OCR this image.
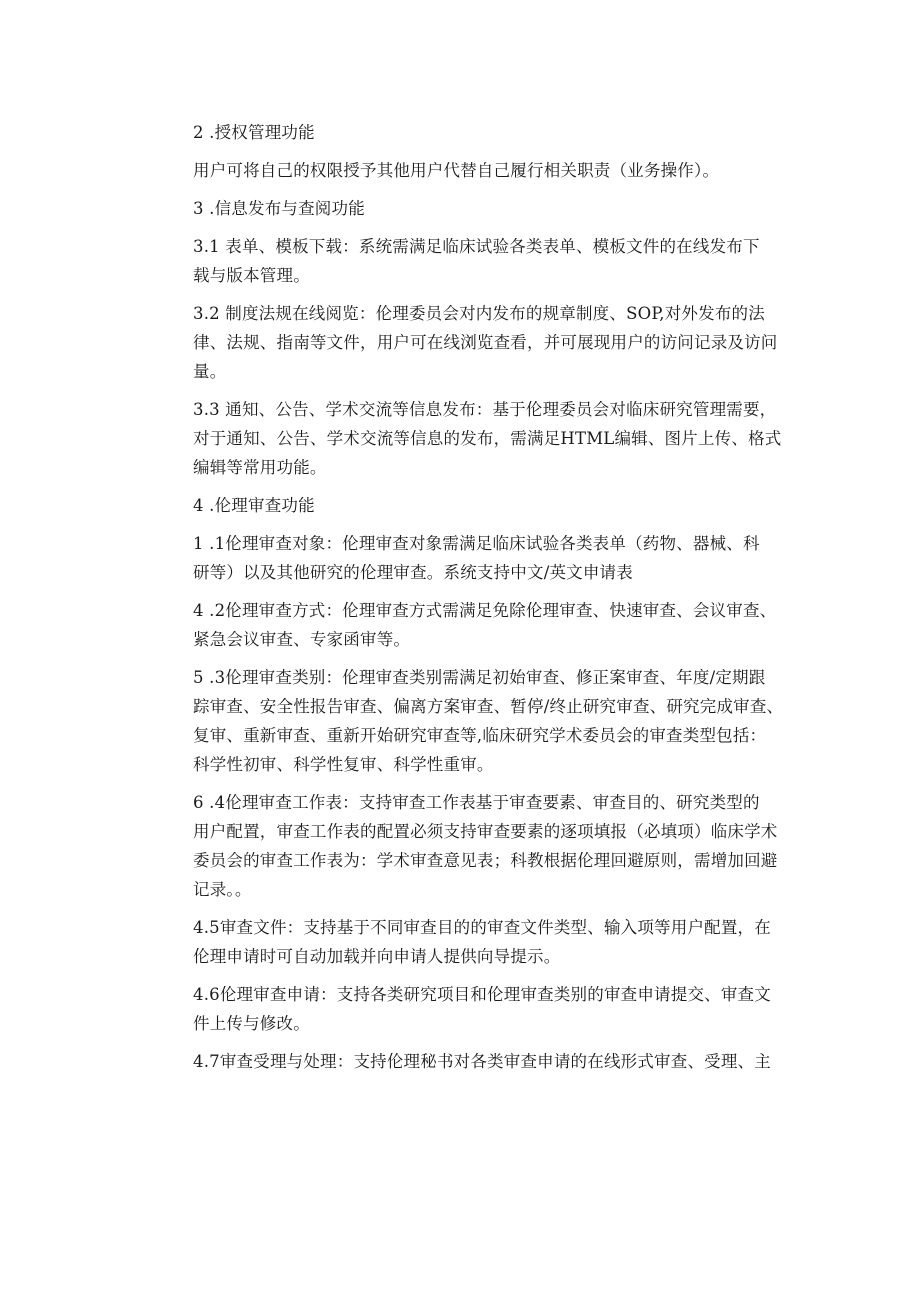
2 .授权管理功能

用户可将自己的权限授予其他用户代替自己履行相关职责（业务操作）。

3 .信息发布与查阅功能

3.1 表单、模板下载：系统需满足临床试验各类表单、模板文件的在线发布下

载与版本管理。

3.2 制度法规在线阅览：伦理委员会对内发布的规章制度、SOP,对外发布的法

律、法规、指南等文件，用户可在线浏览查看，并可展现用户的访问记录及访问

量。

3.3 通知、公告、学术交流等信息发布：基于伦理委员会对临床研究管理需要，

对于通知、公告、学术交流等信息的发布，需满足HTML编辑、图片上传、格式

编辑等常用功能。

4 .伦理审查功能

1 .1伦理审查对象：伦理审查对象需满足临床试验各类表单（药物、器械、科

研等）以及其他研究的伦理审查。系统支持中文/英文申请表

4 .2伦理审查方式：伦理审查方式需满足免除伦理审查、快速审查、会议审查、

紧急会议审查、专家函审等。

5 .3伦理审查类别：伦理审查类别需满足初始审查、修正案审查、年度/定期跟

踪审查、安全性报告审查、偏离方案审查、暂停/终止研究审查、研究完成审查、

复审、重新审查、重新开始研究审查等,临床研究学术委员会的审查类型包括：

科学性初审、科学性复审、科学性重审。

6 .4伦理审查工作表：支持审查工作表基于审查要素、审查目的、研究类型的

用户配置，审查工作表的配置必须支持审查要素的逐项填报（必填项）临床学术

委员会的审查工作表为：学术审查意见表；科教根据伦理回避原则，需增加回避

记录。。

4.5审查文件：支持基于不同审查目的的审查文件类型、输入项等用户配置，在

伦理申请时可自动加载并向申请人提供向导提示。

4.6伦理审查申请：支持各类研究项目和伦理审查类别的审查申请提交、审查文

件上传与修改。

4.7审查受理与处理：支持伦理秘书对各类审查申请的在线形式审查、受理、主
